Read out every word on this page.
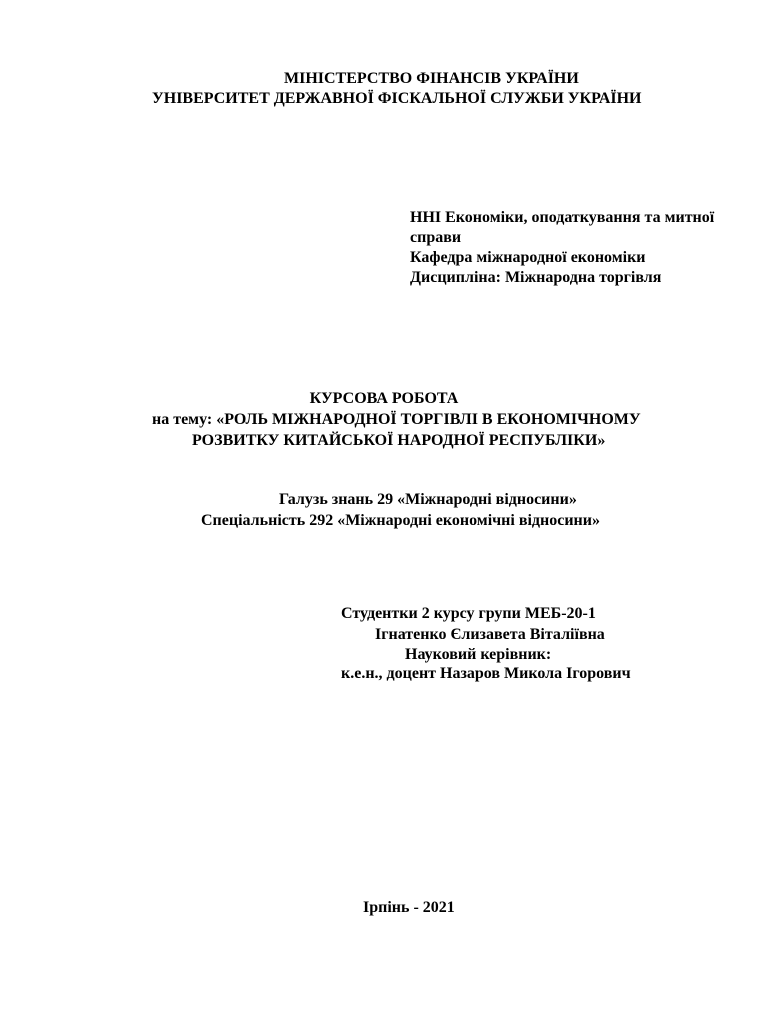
МІНІСТЕРСТВО ФІНАНСІВ УКРАЇНИ
УНІВЕРСИТЕТ ДЕРЖАВНОЇ ФІСКАЛЬНОЇ СЛУЖБИ УКРАЇНИ
ННІ Економіки, оподаткування та митної справи
Кафедра міжнародної економіки
Дисципліна: Міжнародна торгівля
КУРСОВА РОБОТА
на тему: «РОЛЬ МІЖНАРОДНОЇ ТОРГІВЛІ В ЕКОНОМІЧНОМУ
РОЗВИТКУ КИТАЙСЬКОЇ НАРОДНОЇ РЕСПУБЛІКИ»
Галузь знань 29 «Міжнародні відносини»
Спеціальність 292 «Міжнародні економічні відносини»
Студентки 2 курсу групи МЕБ-20-1
Ігнатенко Єлизавета Віталіївна
Науковий керівник:
к.е.н., доцент Назаров Микола Ігорович
Ірпінь - 2021
